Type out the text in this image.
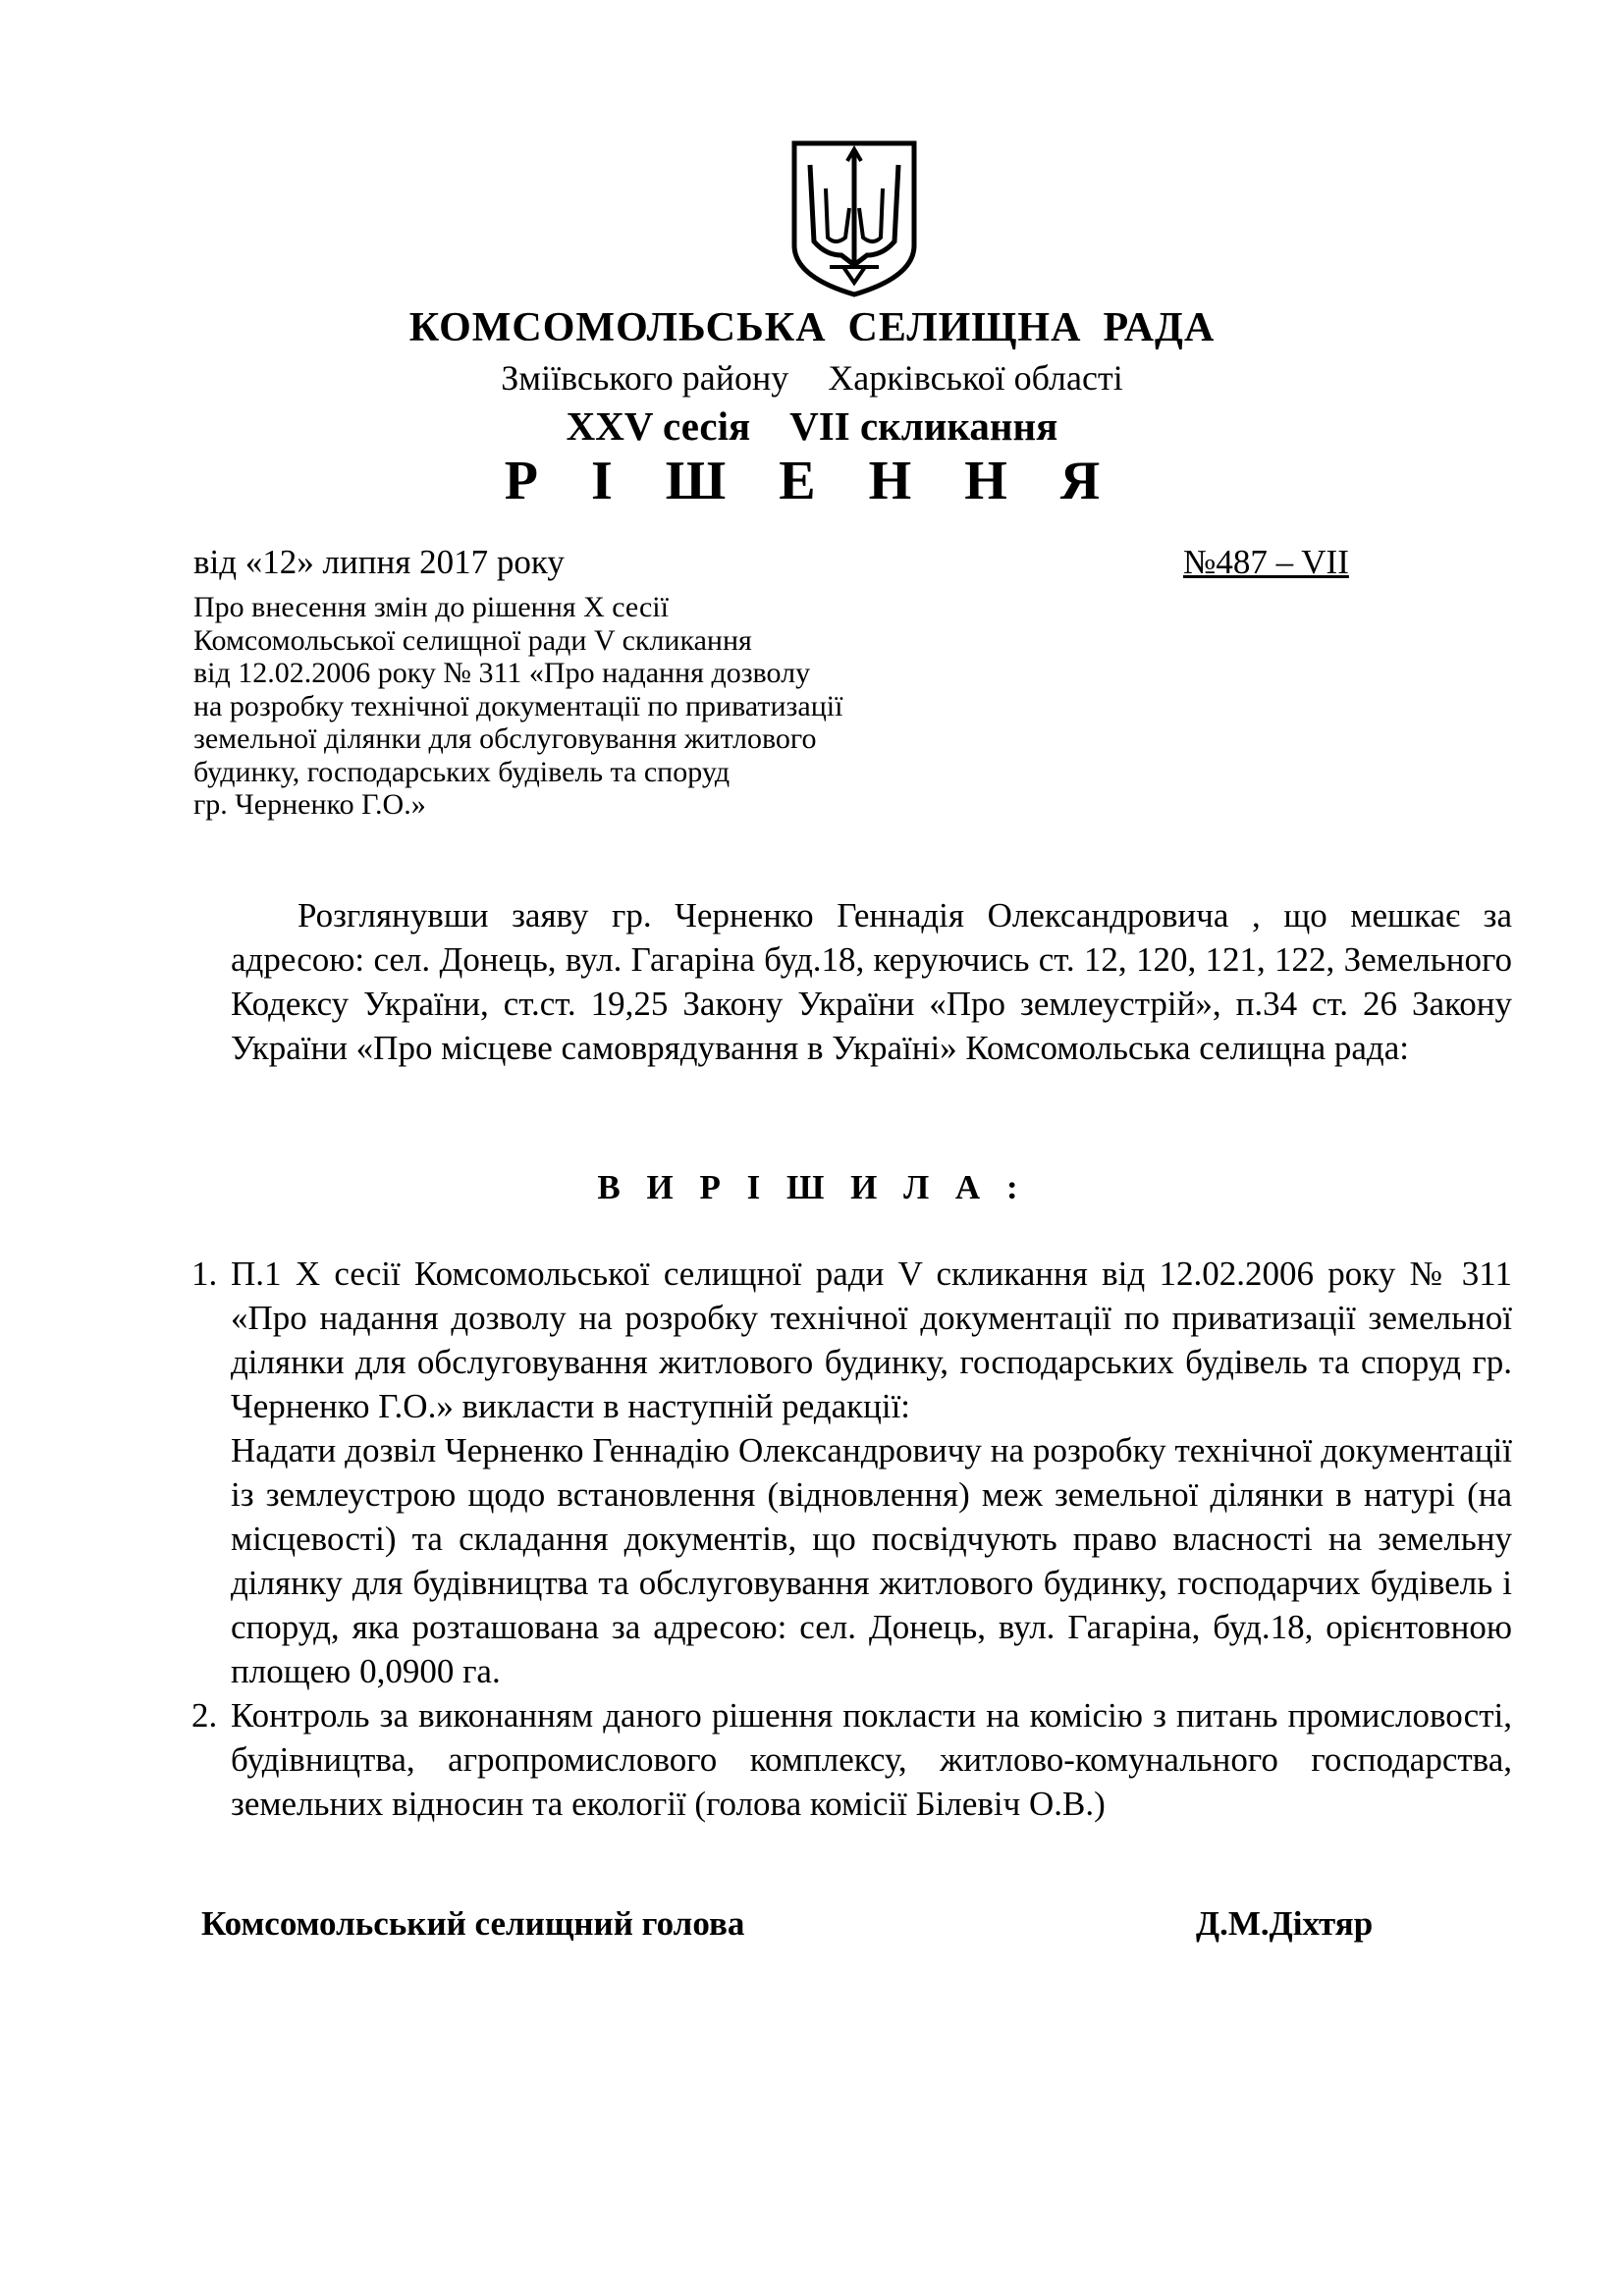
КОМСОМОЛЬСЬКА СЕЛИЩНА РАДА
Зміївського району Харківської області
XXV сесія VII скликання
Р І Ш Е Н Н Я
від «12» липня 2017 року	№487 – VII
Про внесення змін до рішення Х сесії
Комсомольської селищної ради V скликання
від 12.02.2006 року № 311 «Про надання дозволу
на розробку технічної документації по приватизації
земельної ділянки для обслуговування житлового
будинку, господарських будівель та споруд
гр. Черненко Г.О.»

Розглянувши заяву гр. Черненко Геннадія Олександровича , що мешкає за адресою: сел. Донець, вул. Гагаріна буд.18, керуючись ст. 12, 120, 121, 122, Земельного Кодексу України, ст.ст. 19,25 Закону України «Про землеустрій», п.34 ст. 26 Закону України «Про місцеве самоврядування в Україні» Комсомольська селищна рада:

В И Р І Ш И Л А :
1. П.1 Х сесії Комсомольської селищної ради V скликання від 12.02.2006 року № 311 «Про надання дозволу на розробку технічної документації по приватизації земельної ділянки для обслуговування житлового будинку, господарських будівель та споруд гр. Черненко Г.О.» викласти в наступній редакції:

Надати дозвіл Черненко Геннадію Олександровичу на розробку технічної документації із землеустрою щодо встановлення (відновлення) меж земельної ділянки в натурі (на місцевості) та складання документів, що посвідчують право власності на земельну ділянку для будівництва та обслуговування житлового будинку, господарчих будівель і споруд, яка розташована за адресою: сел. Донець, вул. Гагаріна, буд.18, орієнтовною площею 0,0900 га.

2. Контроль за виконанням даного рішення покласти на комісію з питань промисловості, будівництва, агропромислового комплексу, житлово-комунального господарства, земельних відносин та екології (голова комісії Білевіч О.В.)

Комсомольський селищний голова	Д.М.Діхтяр
